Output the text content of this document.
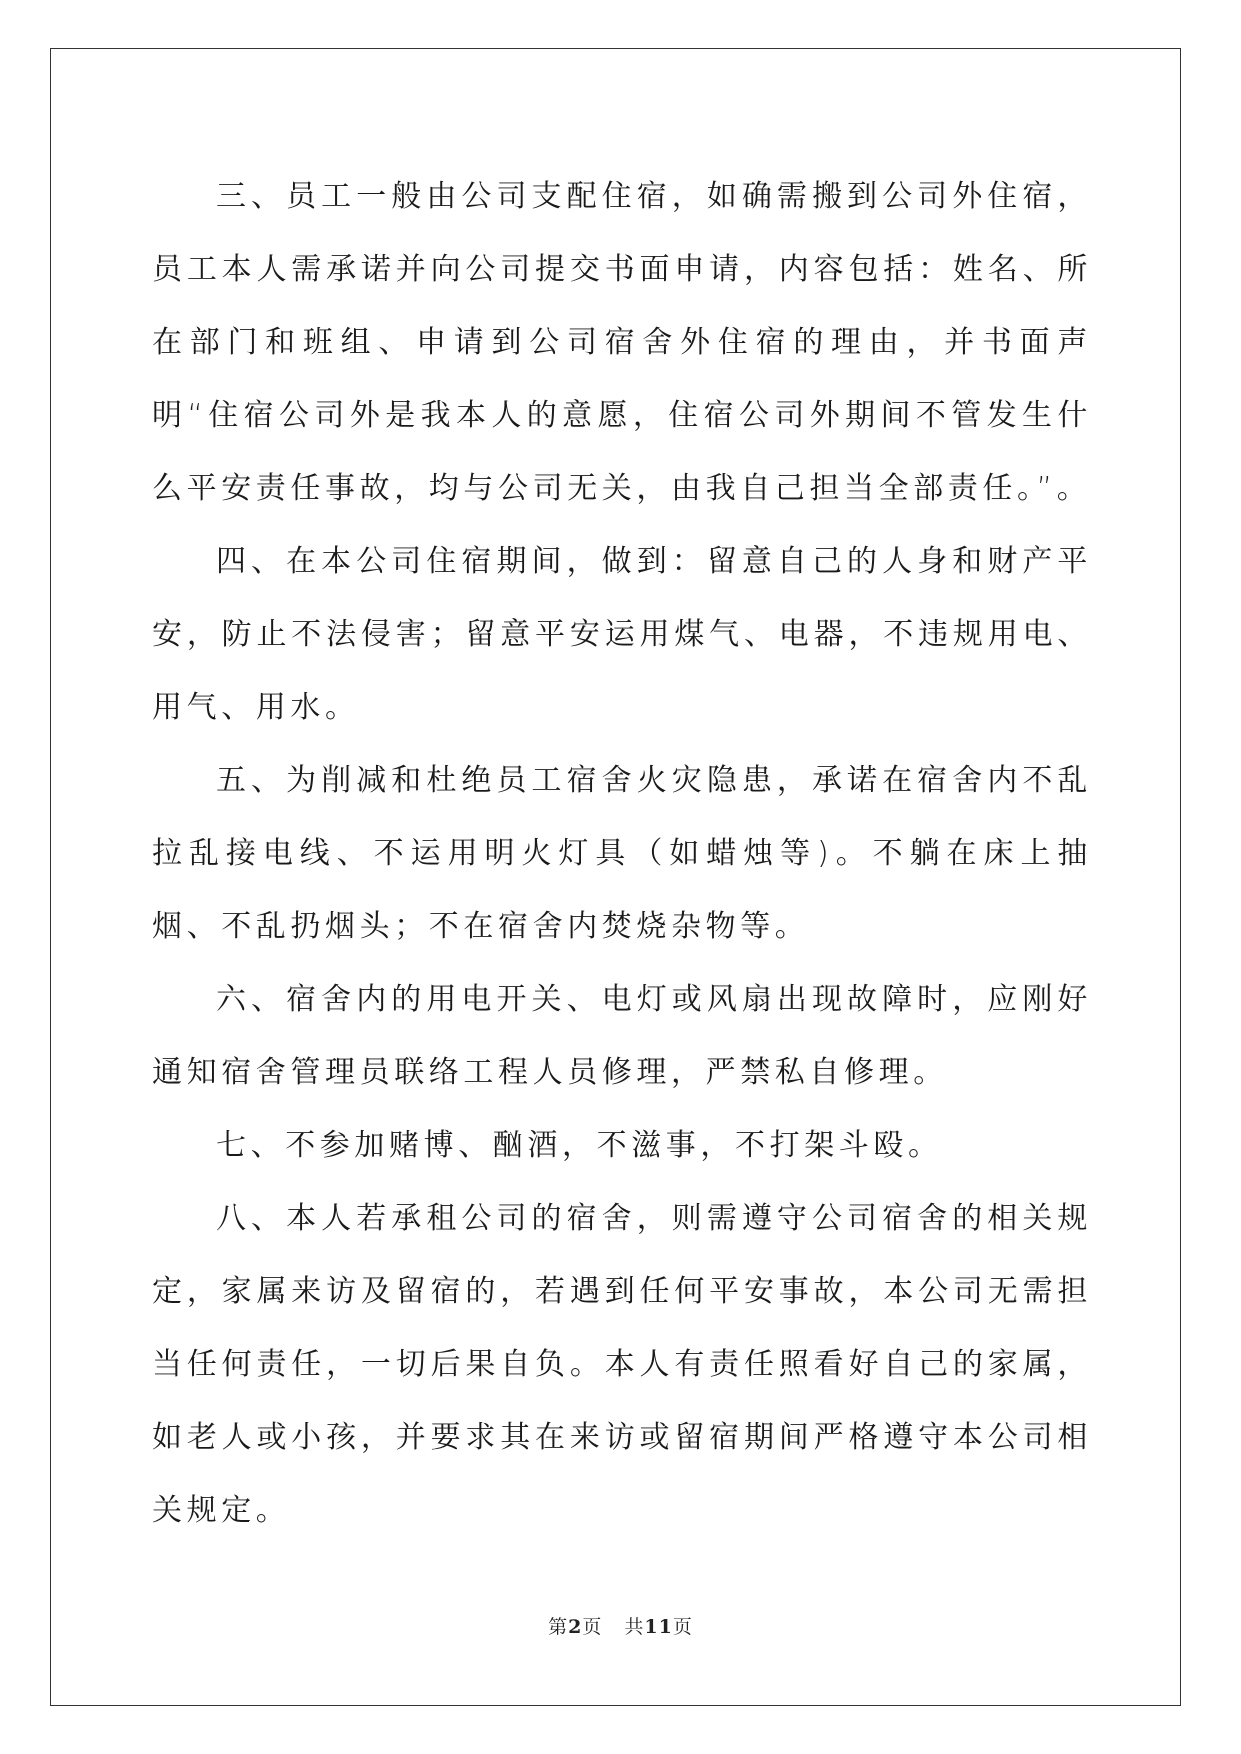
三、员工一般由公司支配住宿，如确需搬到公司外住宿，员工本人需承诺并向公司提交书面申请，内容包括：姓名、所在部门和班组、申请到公司宿舍外住宿的理由，并书面声明“住宿公司外是我本人的意愿，住宿公司外期间不管发生什么平安责任事故，均与公司无关，由我自己担当全部责任。”。

四、在本公司住宿期间，做到：留意自己的人身和财产平安，防止不法侵害；留意平安运用煤气、电器，不违规用电、用气、用水。

五、为削减和杜绝员工宿舍火灾隐患，承诺在宿舍内不乱拉乱接电线、不运用明火灯具（如蜡烛等)。不躺在床上抽烟、不乱扔烟头；不在宿舍内焚烧杂物等。

六、宿舍内的用电开关、电灯或风扇出现故障时，应刚好通知宿舍管理员联络工程人员修理，严禁私自修理。

七、不参加赌博、酗酒，不滋事，不打架斗殴。

八、本人若承租公司的宿舍，则需遵守公司宿舍的相关规定，家属来访及留宿的，若遇到任何平安事故，本公司无需担当任何责任，一切后果自负。本人有责任照看好自己的家属，如老人或小孩，并要求其在来访或留宿期间严格遵守本公司相关规定。

第2页 共11页
